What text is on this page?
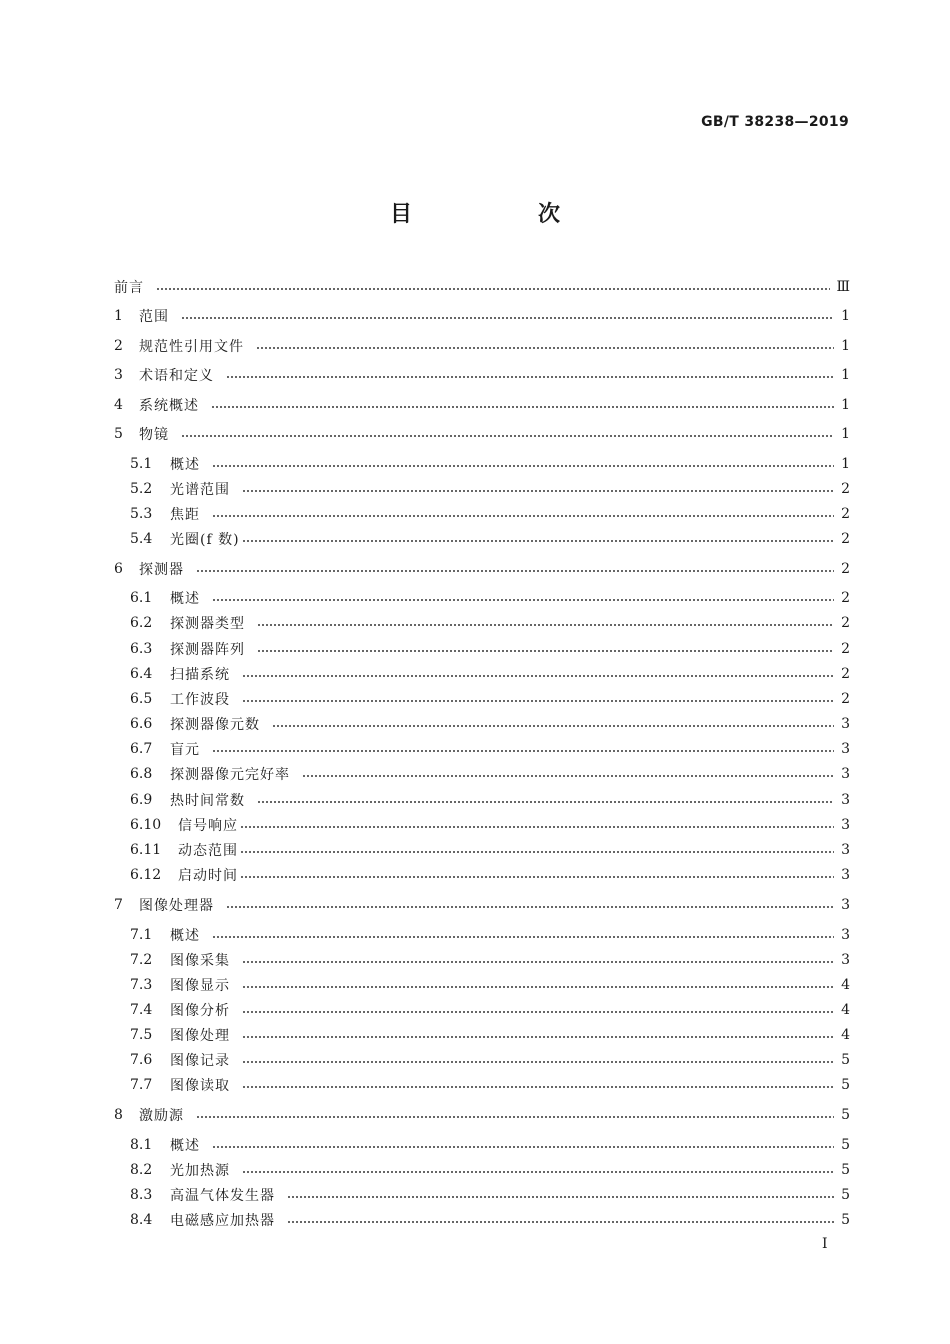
GB/T 38238—2019
目　次
前言	Ⅲ
1	范围	1
2	规范性引用文件	1
3	术语和定义	1
4	系统概述	1
5	物镜	1
5.1	概述	1
5.2	光谱范围	2
5.3	焦距	2
5.4	光圈(f 数)	2
6	探测器	2
6.1	概述	2
6.2	探测器类型	2
6.3	探测器阵列	2
6.4	扫描系统	2
6.5	工作波段	2
6.6	探测器像元数	3
6.7	盲元	3
6.8	探测器像元完好率	3
6.9	热时间常数	3
6.10	信号响应	3
6.11	动态范围	3
6.12	启动时间	3
7	图像处理器	3
7.1	概述	3
7.2	图像采集	3
7.3	图像显示	4
7.4	图像分析	4
7.5	图像处理	4
7.6	图像记录	5
7.7	图像读取	5
8	激励源	5
8.1	概述	5
8.2	光加热源	5
8.3	高温气体发生器	5
8.4	电磁感应加热器	5
I
